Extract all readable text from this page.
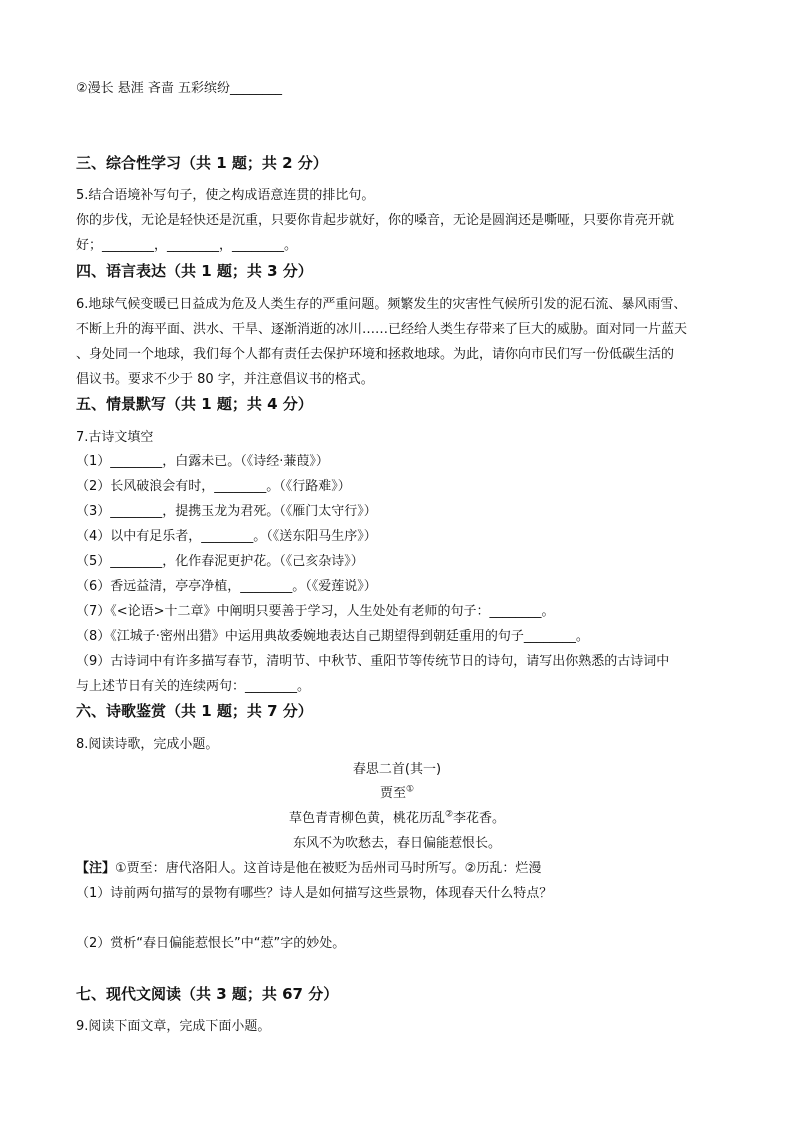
②漫长 悬涯 吝啬 五彩缤纷________
三、综合性学习（共 1 题；共 2 分）
5.结合语境补写句子，使之构成语意连贯的排比句。
你的步伐，无论是轻快还是沉重，只要你肯起步就好，你的嗓音，无论是圆润还是嘶哑，只要你肯亮开就
好；________，________，________。
四、语言表达（共 1 题；共 3 分）
6.地球气候变暖已日益成为危及人类生存的严重问题。频繁发生的灾害性气候所引发的泥石流、暴风雨雪、
不断上升的海平面、洪水、干旱、逐渐消逝的冰川……已经给人类生存带来了巨大的威胁。面对同一片蓝天
、身处同一个地球，我们每个人都有责任去保护环境和拯救地球。为此，请你向市民们写一份低碳生活的
倡议书。要求不少于 80 字，并注意倡议书的格式。
五、情景默写（共 1 题；共 4 分）
7.古诗文填空
（1）________，白露未已。（《诗经·蒹葭》）
（2）长风破浪会有时，________。（《行路难》）
（3）________，提携玉龙为君死。（《雁门太守行》）
（4）以中有足乐者，________。（《送东阳马生序》）
（5）________，化作春泥更护花。（《己亥杂诗》）
（6）香远益清，亭亭净植，________。（《爱莲说》）
（7）《<论语>十二章》中阐明只要善于学习，人生处处有老师的句子：________。
（8）《江城子·密州出猎》中运用典故委婉地表达自己期望得到朝廷重用的句子________。
（9）古诗词中有许多描写春节，清明节、中秋节、重阳节等传统节日的诗句，请写出你熟悉的古诗词中
与上述节日有关的连续两句：________。
六、诗歌鉴赏（共 1 题；共 7 分）
8.阅读诗歌，完成小题。
春思二首(其一)
贾至①
草色青青柳色黄，桃花历乱②李花香。
东风不为吹愁去，春日偏能惹恨长。
【注】①贾至：唐代洛阳人。这首诗是他在被贬为岳州司马时所写。②历乱：烂漫
（1）诗前两句描写的景物有哪些？诗人是如何描写这些景物，体现春天什么特点？
（2）赏析“春日偏能惹恨长”中“惹”字的妙处。
七、现代文阅读（共 3 题；共 67 分）
9.阅读下面文章，完成下面小题。
